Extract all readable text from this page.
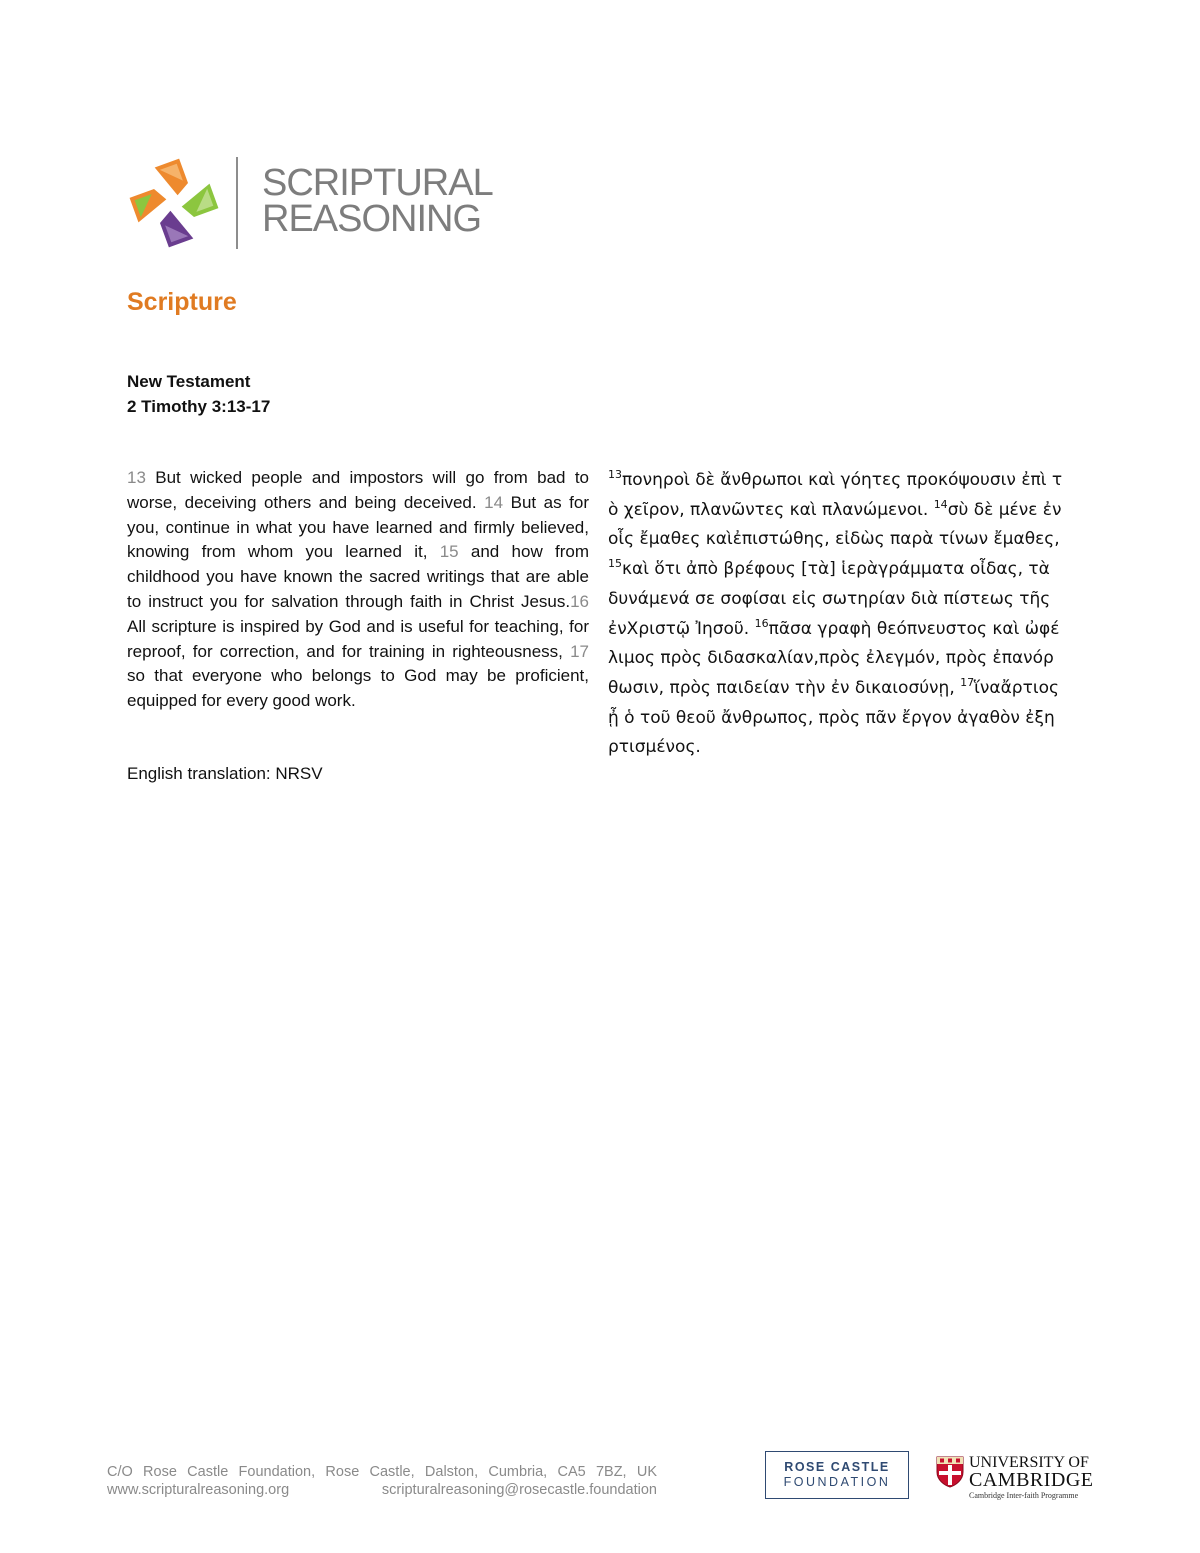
SCRIPTURAL
REASONING
Scripture
New Testament
2 Timothy 3:13-17
13 But wicked people and impostors will go from bad to worse, deceiving others and being deceived. 14 But as for you, continue in what you have learned and firmly believed, knowing from whom you learned it, 15 and how from childhood you have known the sacred writings that are able to instruct you for salvation through faith in Christ Jesus.16 All scripture is inspired by God and is useful for teaching, for reproof, for correction, and for training in righteousness, 17 so that everyone who belongs to God may be proficient, equipped for every good work.
English translation: NRSV
$^{13}$πονηροὶ δὲ ἄνθρωποι καὶ γόητες προκόψουσιν ἐπὶ τὸ χεῖρον, πλανῶντες καὶ πλανώμενοι. $^{14}$σὺ δὲ μένε ἐν οἷς ἔμαθες καὶἐπιστώθης, εἰδὼς παρὰ τίνων ἔμαθες, $^{15}$καὶ ὅτι ἀπὸ βρέφους [τὰ] ἱερὰγράμματα οἶδας, τὰ δυνάμενά σε σοφίσαι εἰς σωτηρίαν διὰ πίστεως τῆς ἐνΧριστῷ Ἰησοῦ. $^{16}$πᾶσα γραφὴ θεόπνευστος καὶ ὠφέλιμος πρὸς διδασκαλίαν,πρὸς ἐλεγμόν, πρὸς ἐπανόρθωσιν, πρὸς παιδείαν τὴν ἐν δικαιοσύνῃ, $^{17}$ἵναἄρτιος ᾖ ὁ τοῦ θεοῦ ἄνθρωπος, πρὸς πᾶν ἔργον ἀγαθὸν ἐξηρτισμένος.
C/O Rose Castle Foundation, Rose Castle, Dalston, Cumbria, CA5 7BZ, UK
www.scripturalreasoning.org	scripturalreasoning@rosecastle.foundation
ROSE CASTLE
FOUNDATION
UNIVERSITY OF
CAMBRIDGE
Cambridge Inter-faith Programme
